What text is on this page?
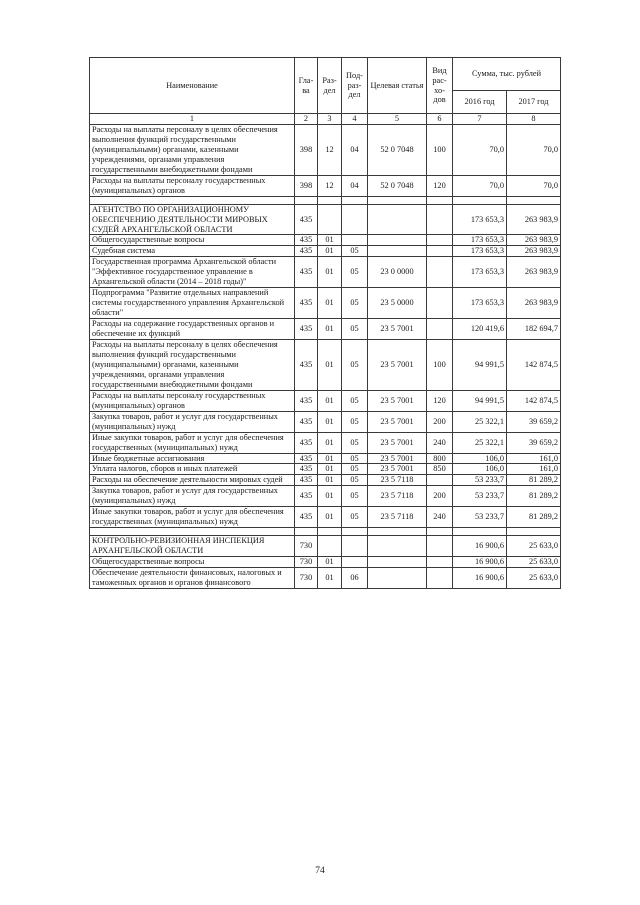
Наименование	Гла-ва	Раз-дел	Под-раз-дел	Целевая статья	Вид рас-хо-дов	Сумма, тыс. рублей	
						2016 год	2017 год
1	2	3	4	5	6	7	8
Расходы на выплаты персоналу в целях обеспечения выполнения функций государственными (муниципальными) органами, казенными учреждениями, органами управления государственными внебюджетными фондами	398	12	04	52 0 7048	100	70,0	70,0
Расходы на выплаты персоналу государственных (муниципальных) органов	398	12	04	52 0 7048	120	70,0	70,0

АГЕНТСТВО ПО ОРГАНИЗАЦИОННОМУ ОБЕСПЕЧЕНИЮ ДЕЯТЕЛЬНОСТИ МИРОВЫХ СУДЕЙ АРХАНГЕЛЬСКОЙ ОБЛАСТИ	435					173 653,3	263 983,9
Общегосударственные вопросы	435	01				173 653,3	263 983,9
Судебная система	435	01	05			173 653,3	263 983,9
Государственная программа Архангельской области "Эффективное государственное управление в Архангельской области (2014 – 2018 годы)"	435	01	05	23 0 0000		173 653,3	263 983,9
Подпрограмма "Развитие отдельных направлений системы государственного управления Архангельской области"	435	01	05	23 5 0000		173 653,3	263 983,9
Расходы на содержание государственных органов и обеспечение их функций	435	01	05	23 5 7001		120 419,6	182 694,7
Расходы на выплаты персоналу в целях обеспечения выполнения функций государственными (муниципальными) органами, казенными учреждениями, органами управления государственными внебюджетными фондами	435	01	05	23 5 7001	100	94 991,5	142 874,5
Расходы на выплаты персоналу государственных (муниципальных) органов	435	01	05	23 5 7001	120	94 991,5	142 874,5
Закупка товаров, работ и услуг для государственных (муниципальных) нужд	435	01	05	23 5 7001	200	25 322,1	39 659,2
Иные закупки товаров, работ и услуг для обеспечения государственных (муниципальных) нужд	435	01	05	23 5 7001	240	25 322,1	39 659,2
Иные бюджетные ассигнования	435	01	05	23 5 7001	800	106,0	161,0
Уплата налогов, сборов и иных платежей	435	01	05	23 5 7001	850	106,0	161,0
Расходы на обеспечение деятельности мировых судей	435	01	05	23 5 7118		53 233,7	81 289,2
Закупка товаров, работ и услуг для государственных (муниципальных) нужд	435	01	05	23 5 7118	200	53 233,7	81 289,2
Иные закупки товаров, работ и услуг для обеспечения государственных (муниципальных) нужд	435	01	05	23 5 7118	240	53 233,7	81 289,2

КОНТРОЛЬНО-РЕВИЗИОННАЯ ИНСПЕКЦИЯ АРХАНГЕЛЬСКОЙ ОБЛАСТИ	730					16 900,6	25 633,0
Общегосударственные вопросы	730	01				16 900,6	25 633,0
Обеспечение деятельности финансовых, налоговых и таможенных органов и органов финансового	730	01	06			16 900,6	25 633,0
74
